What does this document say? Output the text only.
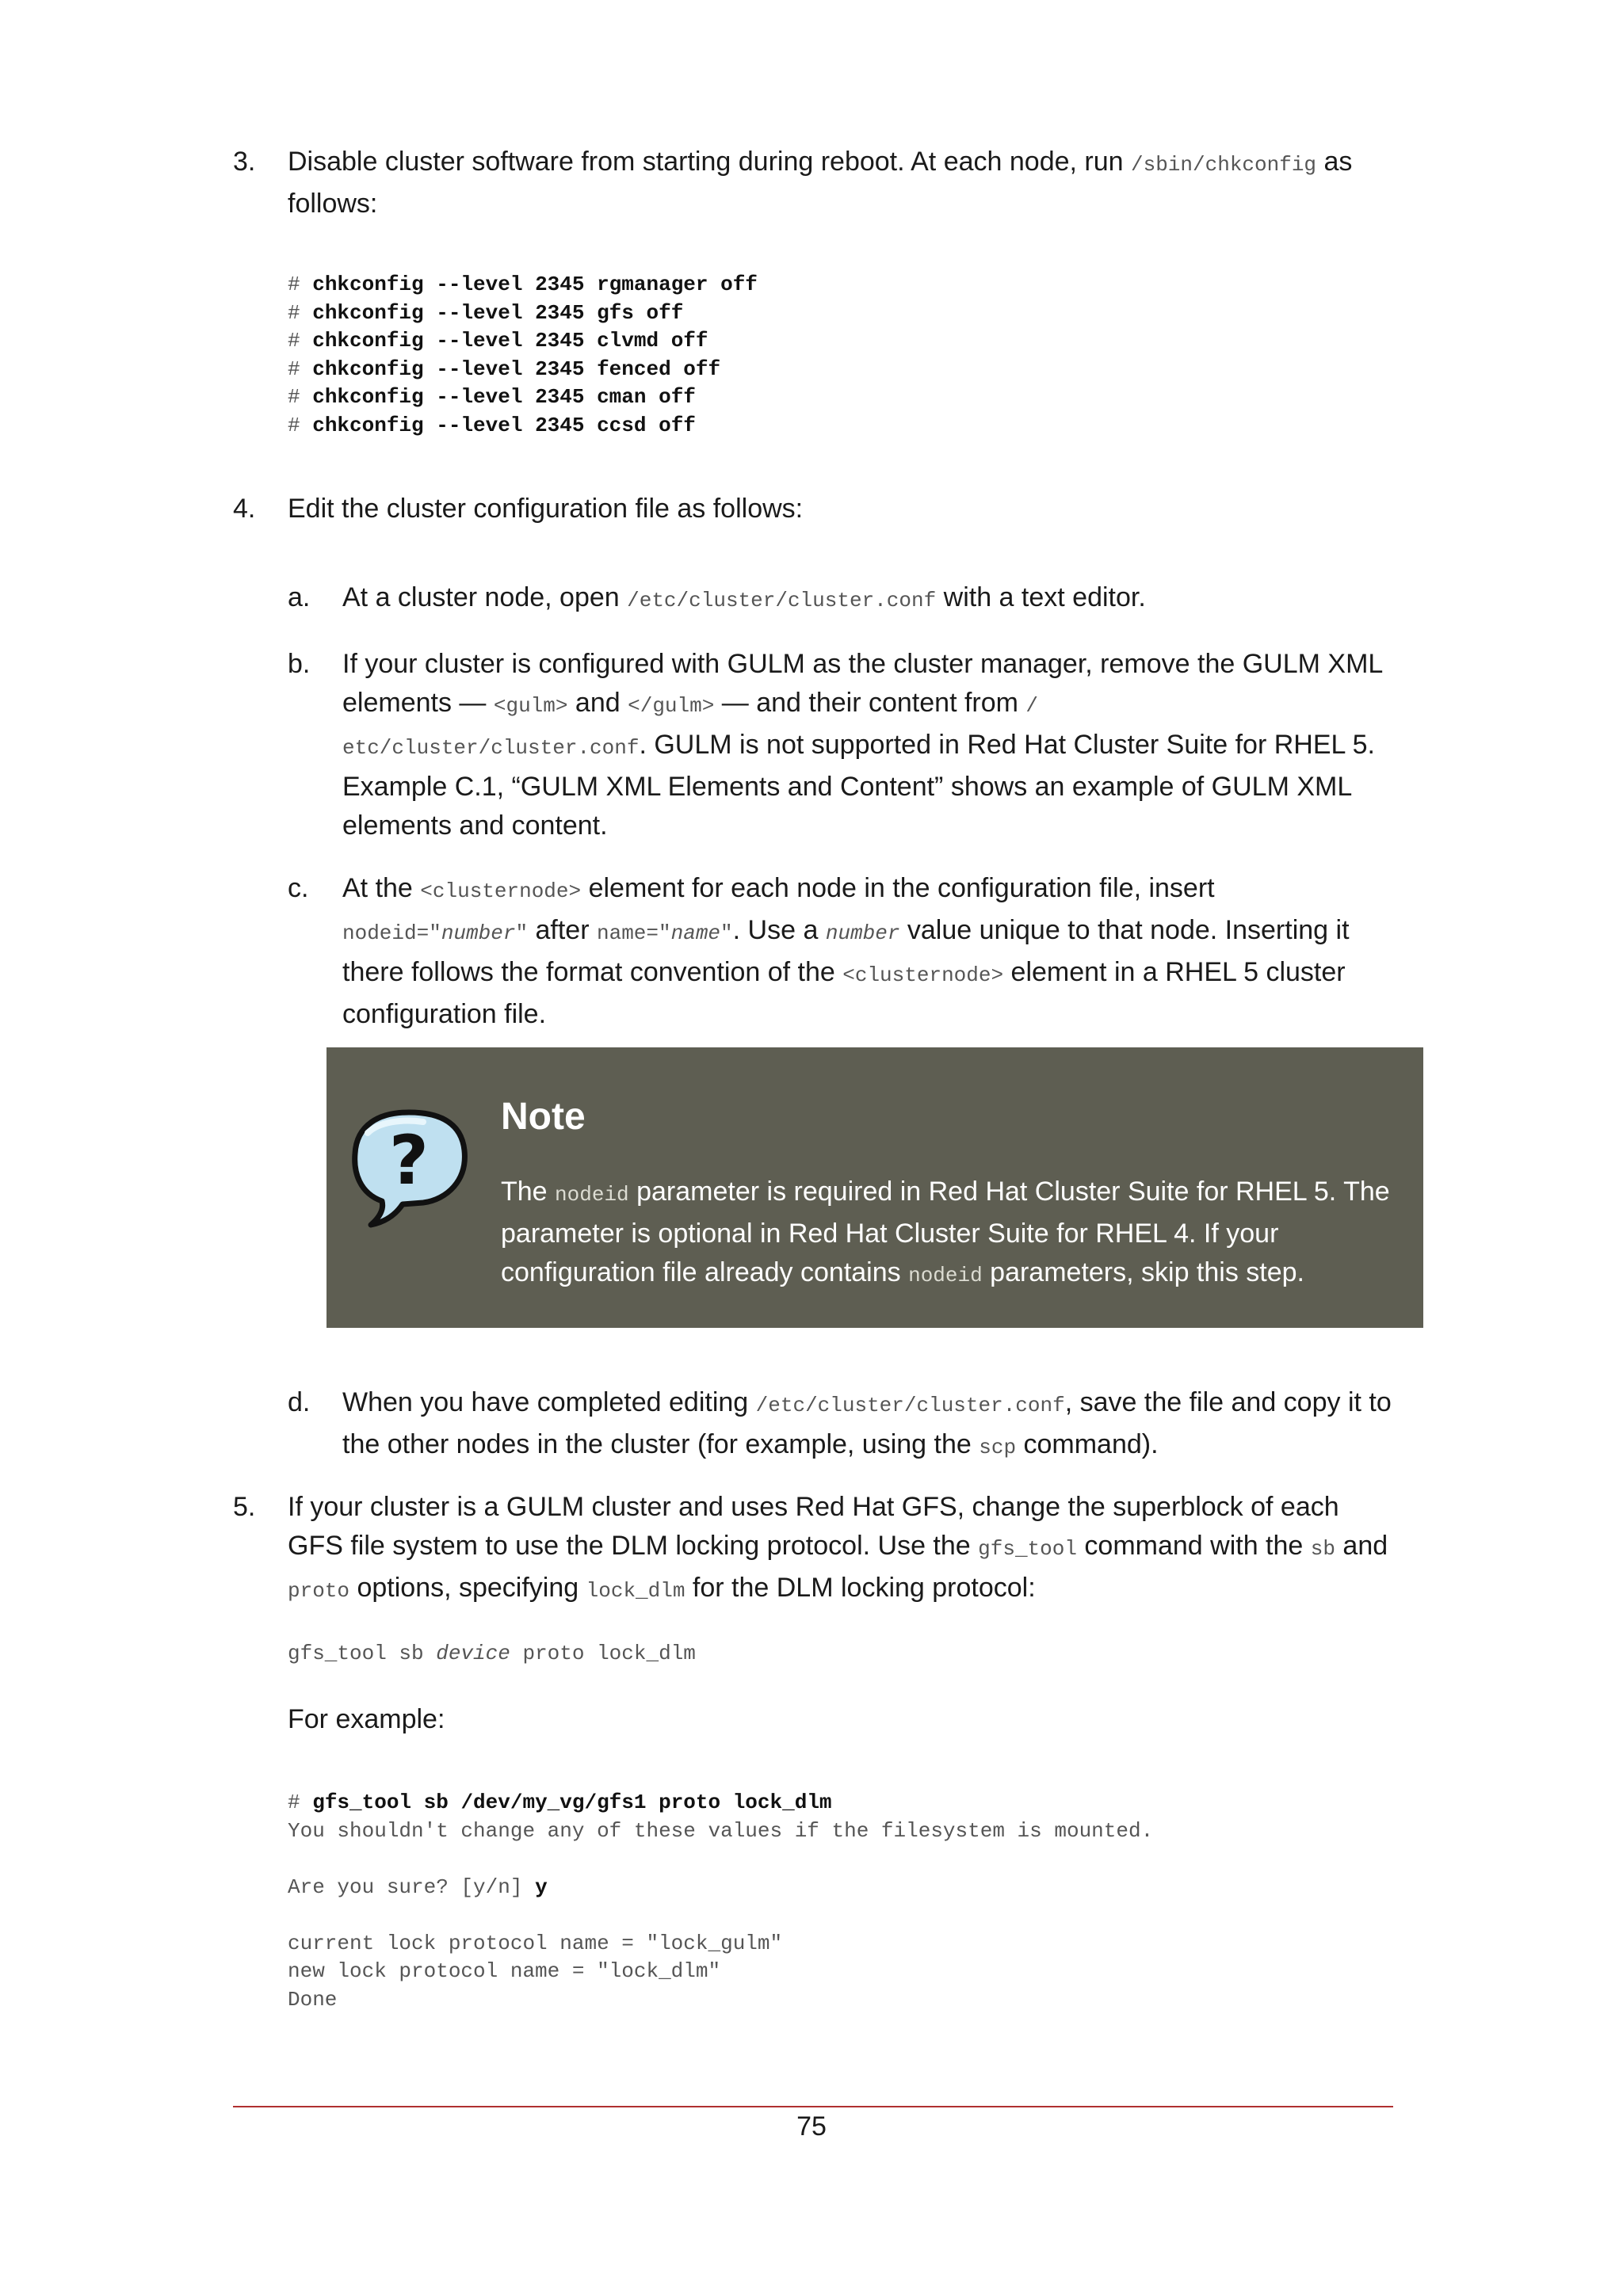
3. Disable cluster software from starting during reboot. At each node, run /sbin/chkconfig as follows:
# chkconfig --level 2345 rgmanager off
# chkconfig --level 2345 gfs off
# chkconfig --level 2345 clvmd off
# chkconfig --level 2345 fenced off
# chkconfig --level 2345 cman off
# chkconfig --level 2345 ccsd off
4. Edit the cluster configuration file as follows:
a. At a cluster node, open /etc/cluster/cluster.conf with a text editor.
b. If your cluster is configured with GULM as the cluster manager, remove the GULM XML elements — <gulm> and </gulm> — and their content from /
etc/cluster/cluster.conf. GULM is not supported in Red Hat Cluster Suite for RHEL 5. Example C.1, “GULM XML Elements and Content” shows an example of GULM XML elements and content.
c. At the <clusternode> element for each node in the configuration file, insert
nodeid="number" after name="name". Use a number value unique to that node. Inserting it there follows the format convention of the <clusternode> element in a RHEL 5 cluster configuration file.
?
Note
The nodeid parameter is required in Red Hat Cluster Suite for RHEL 5. The parameter is optional in Red Hat Cluster Suite for RHEL 4. If your configuration file already contains nodeid parameters, skip this step.
d. When you have completed editing /etc/cluster/cluster.conf, save the file and copy it to the other nodes in the cluster (for example, using the scp command).
5. If your cluster is a GULM cluster and uses Red Hat GFS, change the superblock of each GFS file system to use the DLM locking protocol. Use the gfs_tool command with the sb and proto options, specifying lock_dlm for the DLM locking protocol:
gfs_tool sb device proto lock_dlm
For example:
# gfs_tool sb /dev/my_vg/gfs1 proto lock_dlm
You shouldn't change any of these values if the filesystem is mounted.

Are you sure? [y/n] y

current lock protocol name = "lock_gulm"
new lock protocol name = "lock_dlm"
Done
75
